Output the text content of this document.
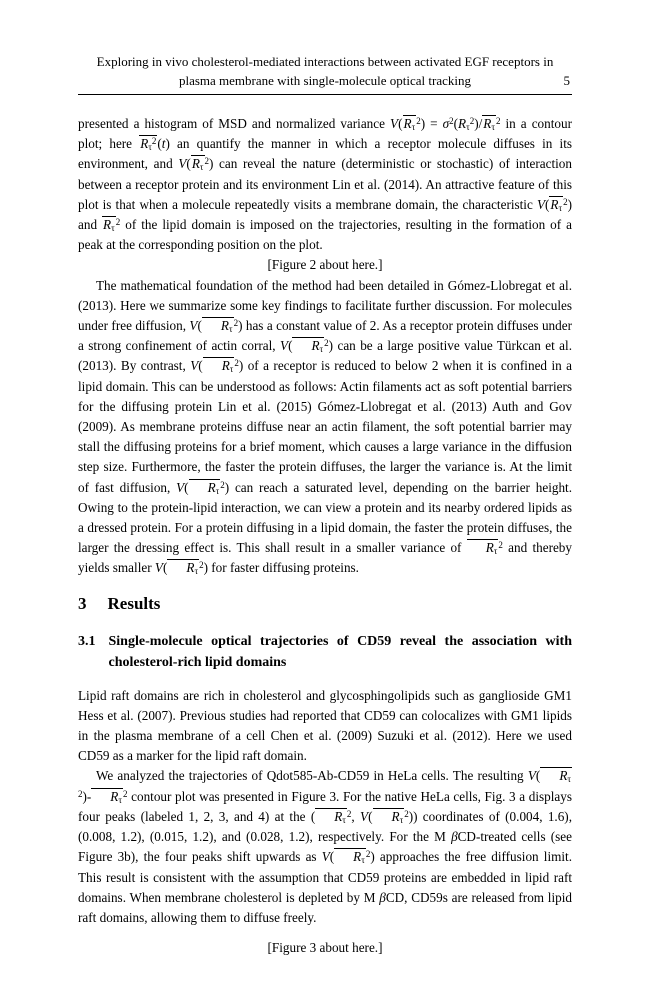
Exploring in vivo cholesterol-mediated interactions between activated EGF receptors in
plasma membrane with single-molecule optical tracking	5

presented a histogram of MSD and normalized variance $V(R_\tau^2) = \sigma^2(R_\tau^2)/R_\tau^2$ in a contour plot; here $R_\tau^2(t)$ an quantify the manner in which a receptor molecule diffuses in its environment, and $V(R_\tau^2)$ can reveal the nature (deterministic or stochastic) of interaction between a receptor protein and its environment Lin et al. (2014). An attractive feature of this plot is that when a molecule repeatedly visits a membrane domain, the characteristic $V(R_\tau^2)$ and $R_\tau^2$ of the lipid domain is imposed on the trajectories, resulting in the formation of a peak at the corresponding position on the plot.

[Figure 2 about here.]

The mathematical foundation of the method had been detailed in Gómez-Llobregat et al. (2013). Here we summarize some key findings to facilitate further discussion. For molecules under free diffusion, V( $R_\tau^2$) has a constant value of 2. As a receptor protein diffuses under a strong confinement of actin corral, V( $R_\tau^2$) can be a large positive value Türkcan et al. (2013). By contrast, V( $R_\tau^2$) of a receptor is reduced to below 2 when it is confined in a lipid domain. This can be understood as follows: Actin filaments act as soft potential barriers for the diffusing protein Lin et al. (2015) Gómez-Llobregat et al. (2013) Auth and Gov (2009). As membrane proteins diffuse near an actin filament, the soft potential barrier may stall the diffusing proteins for a brief moment, which causes a large variance in the diffusion step size. Furthermore, the faster the protein diffuses, the larger the variance is. At the limit of fast diffusion, V( $R_\tau^2$) can reach a saturated level, depending on the barrier height. Owing to the protein-lipid interaction, we can view a protein and its nearby ordered lipids as a dressed protein. For a protein diffusing in a lipid domain, the faster the protein diffuses, the larger the dressing effect is. This shall result in a smaller variance of $R_\tau^2$ and thereby yields smaller V( $R_\tau^2$) for faster diffusing proteins.

3 Results
3.1 Single-molecule optical trajectories of CD59 reveal the association with cholesterol-rich lipid domains

Lipid raft domains are rich in cholesterol and glycosphingolipids such as ganglioside GM1 Hess et al. (2007). Previous studies had reported that CD59 can colocalizes with GM1 lipids in the plasma membrane of a cell Chen et al. (2009) Suzuki et al. (2012). Here we used CD59 as a marker for the lipid raft domain.

We analyzed the trajectories of Qdot585-Ab-CD59 in HeLa cells. The resulting V( $R_\tau^2)-$ $R_\tau^2$ contour plot was presented in Figure 3. For the native HeLa cells, Fig. 3 a displays four peaks (labeled 1, 2, 3, and 4) at the ( $R_\tau^2$, V( $R_\tau^2$)) coordinates of (0.004, 1.6), (0.008, 1.2), (0.015, 1.2), and (0.028, 1.2), respectively. For the M βCD-treated cells (see Figure 3b), the four peaks shift upwards as V( $R_\tau^2$) approaches the free diffusion limit. This result is consistent with the assumption that CD59 proteins are embedded in lipid raft domains. When membrane cholesterol is depleted by M βCD, CD59s are released from lipid raft domains, allowing them to diffuse freely.

[Figure 3 about here.]
